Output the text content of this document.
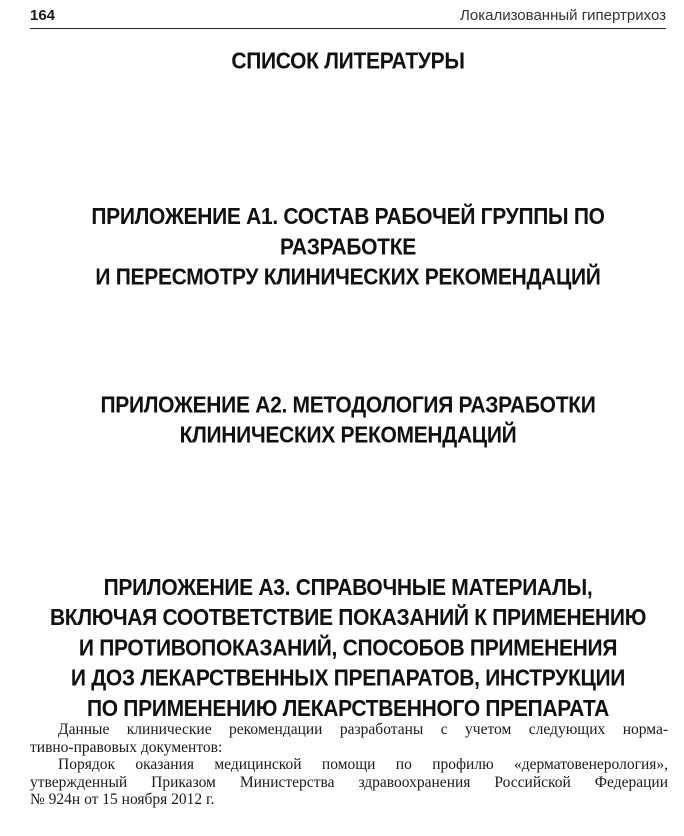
164	Локализованный гипертрихоз
СПИСОК ЛИТЕРАТУРЫ
ПРИЛОЖЕНИЕ А1. СОСТАВ РАБОЧЕЙ ГРУППЫ ПО РАЗРАБОТКЕ
И ПЕРЕСМОТРУ КЛИНИЧЕСКИХ РЕКОМЕНДАЦИЙ
ПРИЛОЖЕНИЕ А2. МЕТОДОЛОГИЯ РАЗРАБОТКИ
КЛИНИЧЕСКИХ РЕКОМЕНДАЦИЙ
ПРИЛОЖЕНИЕ А3. СПРАВОЧНЫЕ МАТЕРИАЛЫ,
ВКЛЮЧАЯ СООТВЕТСТВИЕ ПОКАЗАНИЙ К ПРИМЕНЕНИЮ
И ПРОТИВОПОКАЗАНИЙ, СПОСОБОВ ПРИМЕНЕНИЯ
И ДОЗ ЛЕКАРСТВЕННЫХ ПРЕПАРАТОВ, ИНСТРУКЦИИ
ПО ПРИМЕНЕНИЮ ЛЕКАРСТВЕННОГО ПРЕПАРАТА
Данные клинические рекомендации разработаны с учетом следующих норма-
тивно-правовых документов:
Порядок оказания медицинской помощи по профилю «дерматовенерология»,
утвержденный Приказом Министерства здравоохранения Российской Федерации
№ 924н от 15 ноября 2012 г.
